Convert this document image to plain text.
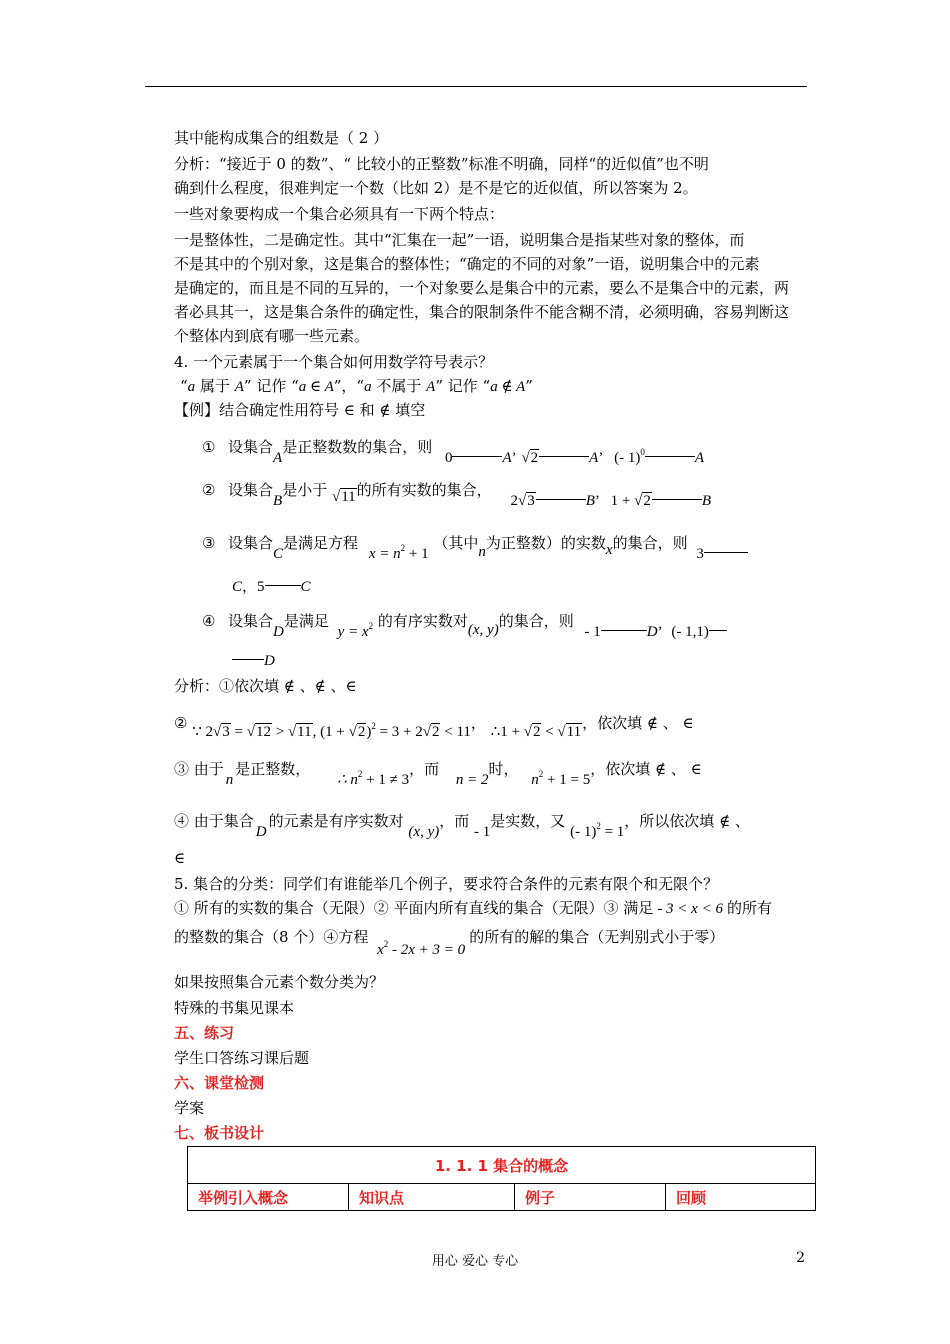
其中能构成集合的组数是（ 2 ）
分析：“接近于 0 的数”、“ 比较小的正整数”标准不明确，同样“的近似值”也不明
确到什么程度，很难判定一个数（比如 2）是不是它的近似值，所以答案为 2。
一些对象要构成一个集合必须具有一下两个特点：
一是整体性，二是确定性。其中“汇集在一起”一语，说明集合是指某些对象的整体，而
不是其中的个别对象，这是集合的整体性；“确定的不同的对象”一语，说明集合中的元素
是确定的，而且是不同的互异的，一个对象要么是集合中的元素，要么不是集合中的元素，两
者必具其一，这是集合条件的确定性，集合的限制条件不能含糊不清，必须明确，容易判断这
个整体内到底有哪一些元素。
4. 一个元素属于一个集合如何用数学符号表示？
“a 属于 A” 记作 “a ∈ A”，“a 不属于 A” 记作 “a ∉ A”
【例】结合确定性用符号 ∈ 和 ∉ 填空
① 设集合A是正整数数的集合，则 0	A’ √2	A’ (- 1)$^0$	A
② 设集合B是小于 √11的所有实数的集合， 2√3	B’ 1 + √2	B
③ 设集合C是满足方程 $x = n^2 + 1$ （其中n为正整数）的实数x的集合，则 3
C，5 C
④ 设集合D是满足 $y = x^2$ 的有序实数对(x, y)的集合，则 - 1	D’ (- 1,1)
D
分析：①依次填 ∉ 、∉ 、∈
② ∵ 2√3 = √12 > √11, $(1 + √2)^2 = 3 + 2√2 < 11$， ∴1 + √2 < √11，依次填 ∉ 、 ∈
③ 由于n是正整数， ∴ $n^2 + 1 \ne 3$，而 n = 2时， $n^2 + 1 = 5$，依次填 ∉ 、 ∈
④ 由于集合D的元素是有序实数对 (x, y)，而 - 1是实数，又 (- 1)$^2$ = 1，所以依次填 ∉ 、
∈
5. 集合的分类：同学们有谁能举几个例子，要求符合条件的元素有限个和无限个？
① 所有的实数的集合（无限）② 平面内所有直线的集合（无限）③ 满足 - 3 < x < 6 的所有
的整数的集合（8 个）④方程 $x^2 - 2x + 3 = 0$的所有的解的集合（无判别式小于零）
如果按照集合元素个数分类为？
特殊的书集见课本
五、练习
学生口答练习课后题
六、课堂检测
学案
七、板书设计
1. 1. 1 集合的概念
举例引入概念	知识点	例子	回顾
用心 爱心 专心	2
